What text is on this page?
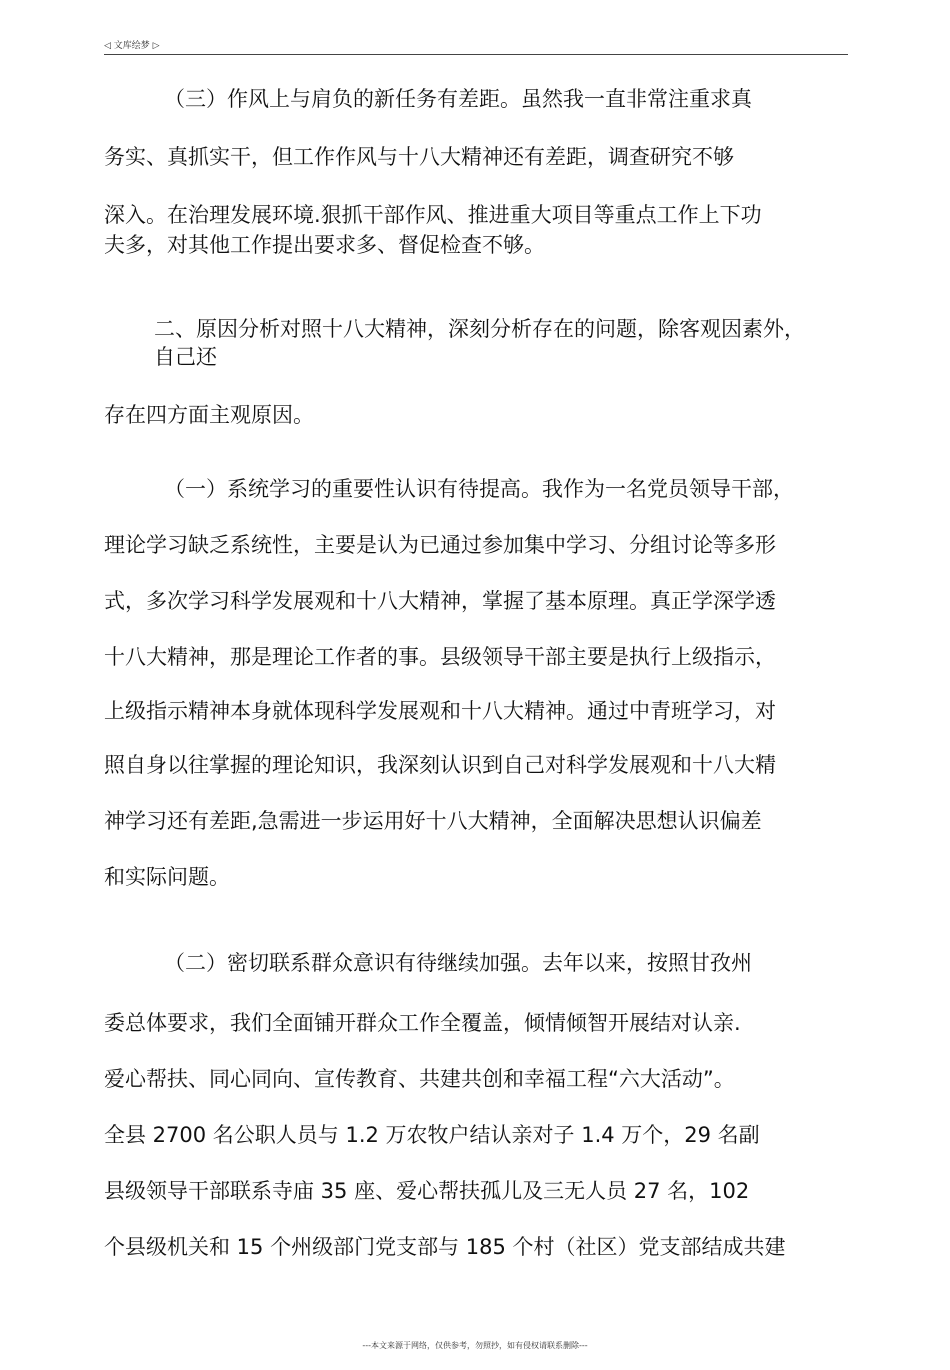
◁ 文库绘梦 ▷
（三）作风上与肩负的新任务有差距。虽然我一直非常注重求真
务实、真抓实干，但工作作风与十八大精神还有差距，调查研究不够
深入。在治理发展环境.狠抓干部作风、推进重大项目等重点工作上下功
夫多，对其他工作提出要求多、督促检查不够。
二、原因分析对照十八大精神，深刻分析存在的问题，除客观因素外，
自己还
存在四方面主观原因。
（一）系统学习的重要性认识有待提高。我作为一名党员领导干部，
理论学习缺乏系统性，主要是认为已通过参加集中学习、分组讨论等多形
式，多次学习科学发展观和十八大精神，掌握了基本原理。真正学深学透
十八大精神，那是理论工作者的事。县级领导干部主要是执行上级指示，
上级指示精神本身就体现科学发展观和十八大精神。通过中青班学习，对
照自身以往掌握的理论知识，我深刻认识到自己对科学发展观和十八大精
神学习还有差距,急需进一步运用好十八大精神，全面解决思想认识偏差
和实际问题。
（二）密切联系群众意识有待继续加强。去年以来，按照甘孜州
委总体要求，我们全面铺开群众工作全覆盖，倾情倾智开展结对认亲.
爱心帮扶、同心同向、宣传教育、共建共创和幸福工程“六大活动”。
全县 2700 名公职人员与 1.2 万农牧户结认亲对子 1.4 万个，29 名副
县级领导干部联系寺庙 35 座、爱心帮扶孤儿及三无人员 27 名，102
个县级机关和 15 个州级部门党支部与 185 个村（社区）党支部结成共建
---本文来源于网络，仅供参考，勿照抄，如有侵权请联系删除---
